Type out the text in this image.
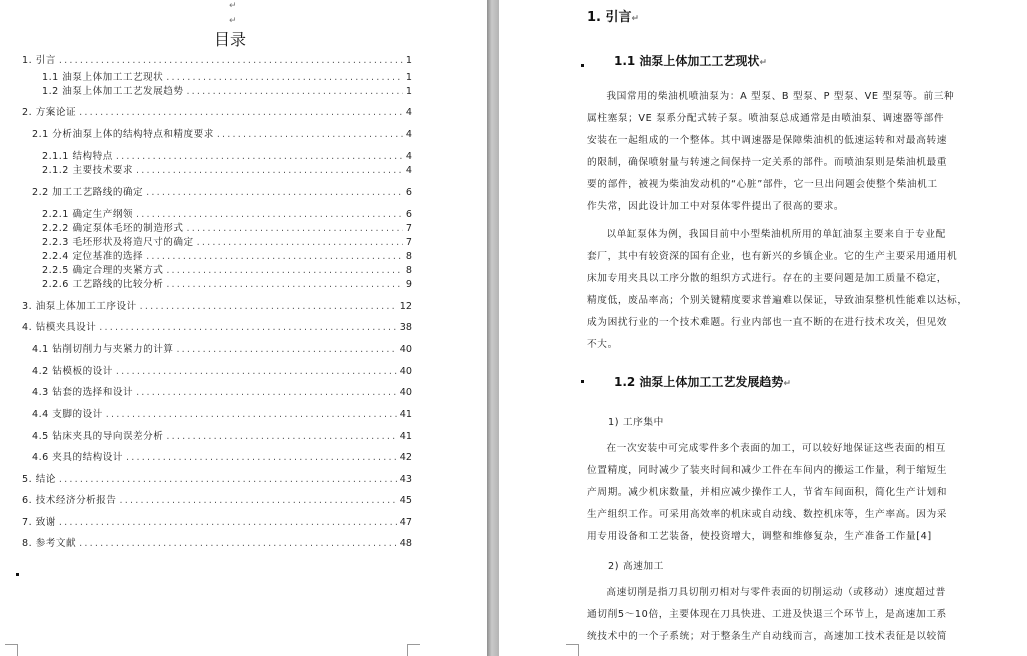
↵
↵
目录
1. 引言 .....	1
1.1 油泵上体加工工艺现状 .....	1
1.2 油泵上体加工工艺发展趋势 .....	1
2. 方案论证 .....	4
2.1 分析油泵上体的结构特点和精度要求 .....	4
2.1.1 结构特点 .....	4
2.1.2 主要技术要求 .....	4
2.2 加工工艺路线的确定 .....	6
2.2.1 确定生产纲领 .....	6
2.2.2 确定泵体毛坯的制造形式 .....	7
2.2.3 毛坯形状及将造尺寸的确定 .....	7
2.2.4 定位基准的选择 .....	8
2.2.5 确定合理的夹紧方式 .....	8
2.2.6 工艺路线的比较分析 .....	9
3. 油泵上体加工工序设计 .....	12
4. 钻模夹具设计 .....	38
4.1 钻削切削力与夹紧力的计算 .....	40
4.2 钻模板的设计 .....	40
4.3 钻套的选择和设计 .....	40
4.4 支脚的设计 .....	41
4.5 钻床夹具的导向误差分析 .....	41
4.6 夹具的结构设计 .....	42
5. 结论 .....	43
6. 技术经济分析报告 .....	45
7. 致谢 .....	47
8. 参考文献 .....	48
1. 引言↵
1.1 油泵上体加工工艺现状↵
我国常用的柴油机喷油泵为：A 型泵、B 型泵、P 型泵、VE 型泵等。前三种
属柱塞泵；VE 泵系分配式转子泵。喷油泵总成通常是由喷油泵、调速器等部件
安装在一起组成的一个整体。其中调速器是保障柴油机的低速运转和对最高转速
的限制，确保喷射量与转速之间保持一定关系的部件。而喷油泵则是柴油机最重
要的部件，被视为柴油发动机的“心脏”部件，它一旦出问题会使整个柴油机工
作失常，因此设计加工中对泵体零件提出了很高的要求。
以单缸泵体为例，我国目前中小型柴油机所用的单缸油泵主要来自于专业配
套厂，其中有较资深的国有企业，也有新兴的乡镇企业。它的生产主要采用通用机
床加专用夹具以工序分散的组织方式进行。存在的主要问题是加工质量不稳定，
精度低，废品率高；个别关键精度要求普遍难以保证，导致油泵整机性能难以达标，
成为困扰行业的一个技术难题。行业内部也一直不断的在进行技术攻关，但见效
不大。
1.2 油泵上体加工工艺发展趋势↵
1) 工序集中
在一次安装中可完成零件多个表面的加工，可以较好地保证这些表面的相互
位置精度，同时减少了装夹时间和减少工件在车间内的搬运工作量，利于缩短生
产周期。减少机床数量，并相应减少操作工人，节省车间面积，简化生产计划和
生产组织工作。可采用高效率的机床或自动线、数控机床等，生产率高。因为采
用专用设备和工艺装备，使投资增大，调整和维修复杂，生产准备工作量[4]
2) 高速加工
高速切削是指刀具切削刃相对与零件表面的切削运动（或移动）速度超过普
通切削5～10倍，主要体现在刀具快进、工进及快退三个环节上，是高速加工系
统技术中的一个子系统；对于整条生产自动线而言，高速加工技术表征是以较简
